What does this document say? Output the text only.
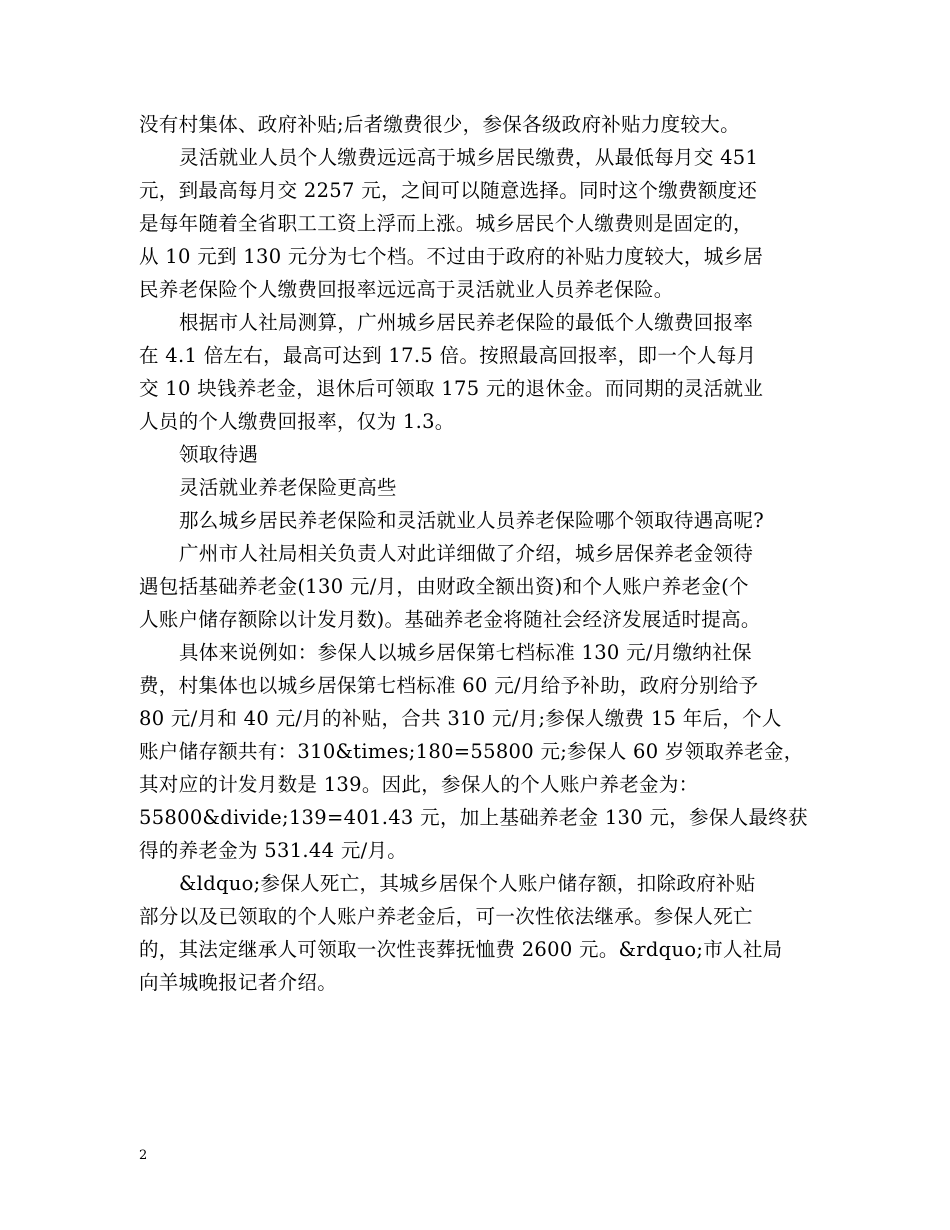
没有村集体、政府补贴;后者缴费很少，参保各级政府补贴力度较大。
灵活就业人员个人缴费远远高于城乡居民缴费，从最低每月交 451
元，到最高每月交 2257 元，之间可以随意选择。同时这个缴费额度还
是每年随着全省职工工资上浮而上涨。城乡居民个人缴费则是固定的，
从 10 元到 130 元分为七个档。不过由于政府的补贴力度较大，城乡居
民养老保险个人缴费回报率远远高于灵活就业人员养老保险。
根据市人社局测算，广州城乡居民养老保险的最低个人缴费回报率
在 4.1 倍左右，最高可达到 17.5 倍。按照最高回报率，即一个人每月
交 10 块钱养老金，退休后可领取 175 元的退休金。而同期的灵活就业
人员的个人缴费回报率，仅为 1.3。
领取待遇
灵活就业养老保险更高些
那么城乡居民养老保险和灵活就业人员养老保险哪个领取待遇高呢?
广州市人社局相关负责人对此详细做了介绍，城乡居保养老金领待
遇包括基础养老金(130 元/月，由财政全额出资)和个人账户养老金(个
人账户储存额除以计发月数)。基础养老金将随社会经济发展适时提高。
具体来说例如：参保人以城乡居保第七档标准 130 元/月缴纳社保
费，村集体也以城乡居保第七档标准 60 元/月给予补助，政府分别给予
80 元/月和 40 元/月的补贴，合共 310 元/月;参保人缴费 15 年后，个人
账户储存额共有：310&times;180=55800 元;参保人 60 岁领取养老金，
其对应的计发月数是 139。因此，参保人的个人账户养老金为：
55800&divide;139=401.43 元，加上基础养老金 130 元，参保人最终获
得的养老金为 531.44 元/月。
&ldquo;参保人死亡，其城乡居保个人账户储存额，扣除政府补贴
部分以及已领取的个人账户养老金后，可一次性依法继承。参保人死亡
的，其法定继承人可领取一次性丧葬抚恤费 2600 元。&rdquo;市人社局
向羊城晚报记者介绍。
2
